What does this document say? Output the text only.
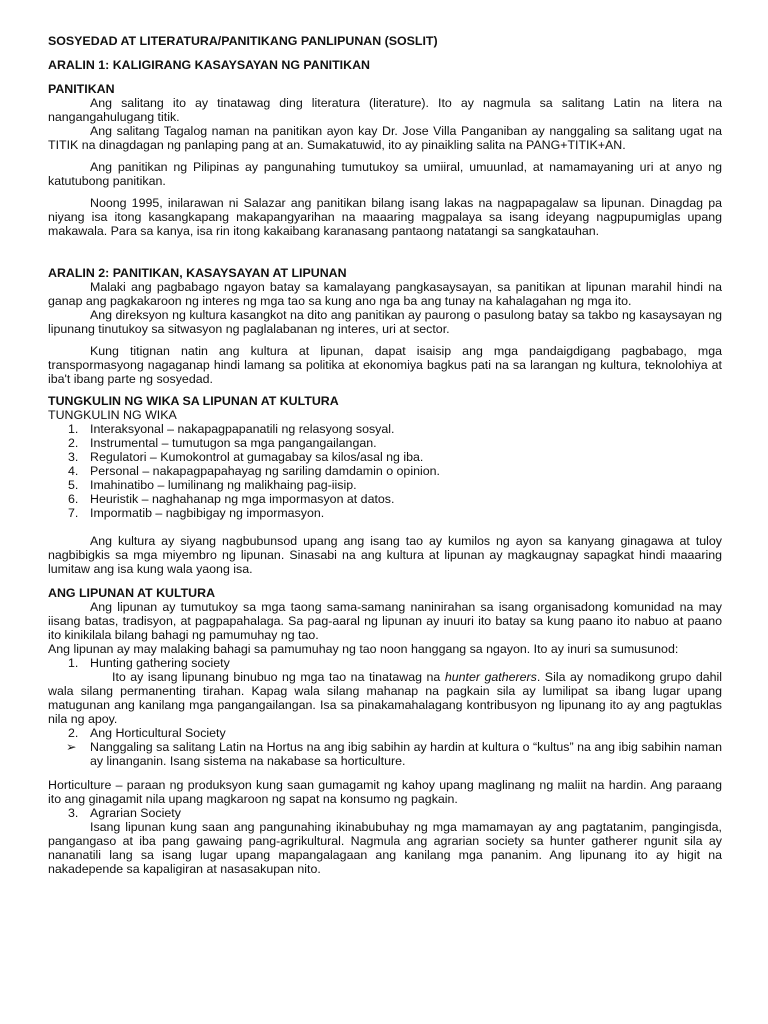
SOSYEDAD AT LITERATURA/PANITIKANG PANLIPUNAN (SOSLIT)

ARALIN 1: KALIGIRANG KASAYSAYAN NG PANITIKAN

PANITIKAN

Ang salitang ito ay tinatawag ding literatura (literature). Ito ay nagmula sa salitang Latin na litera na nangangahulugang titik.

Ang salitang Tagalog naman na panitikan ayon kay Dr. Jose Villa Panganiban ay nanggaling sa salitang ugat na TITIK na dinagdagan ng panlaping pang at an. Sumakatuwid, ito ay pinaikling salita na PANG+TITIK+AN.

Ang panitikan ng Pilipinas ay pangunahing tumutukoy sa umiiral, umuunlad, at namamayaning uri at anyo ng katutubong panitikan.

Noong 1995, inilarawan ni Salazar ang panitikan bilang isang lakas na nagpapagalaw sa lipunan. Dinagdag pa niyang isa itong kasangkapang makapangyarihan na maaaring magpalaya sa isang ideyang nagpupumiglas upang makawala. Para sa kanya, isa rin itong kakaibang karanasang pantaong natatangi sa sangkatauhan.

ARALIN 2: PANITIKAN, KASAYSAYAN AT LIPUNAN

Malaki ang pagbabago ngayon batay sa kamalayang pangkasaysayan, sa panitikan at lipunan marahil hindi na ganap ang pagkakaroon ng interes ng mga tao sa kung ano nga ba ang tunay na kahalagahan ng mga ito.

Ang direksyon ng kultura kasangkot na dito ang panitikan ay paurong o pasulong batay sa takbo ng kasaysayan ng lipunang tinutukoy sa sitwasyon ng paglalabanan ng interes, uri at sector.

Kung titignan natin ang kultura at lipunan, dapat isaisip ang mga pandaigdigang pagbabago, mga transpormasyong nagaganap hindi lamang sa politika at ekonomiya bagkus pati na sa larangan ng kultura, teknolohiya at iba't ibang parte ng sosyedad.

TUNGKULIN NG WIKA SA LIPUNAN AT KULTURA

TUNGKULIN NG WIKA

1. Interaksyonal – nakapagpapanatili ng relasyong sosyal.
2. Instrumental – tumutugon sa mga pangangailangan.
3. Regulatori – Kumokontrol at gumagabay sa kilos/asal ng iba.
4. Personal – nakapagpapahayag ng sariling damdamin o opinion.
5. Imahinatibo – lumilinang ng malikhaing pag-iisip.
6. Heuristik – naghahanap ng mga impormasyon at datos.
7. Impormatib – nagbibigay ng impormasyon.

Ang kultura ay siyang nagbubunsod upang ang isang tao ay kumilos ng ayon sa kanyang ginagawa at tuloy nagbibigkis sa mga miyembro ng lipunan. Sinasabi na ang kultura at lipunan ay magkaugnay sapagkat hindi maaaring lumitaw ang isa kung wala yaong isa.

ANG LIPUNAN AT KULTURA

Ang lipunan ay tumutukoy sa mga taong sama-samang naninirahan sa isang organisadong komunidad na may iisang batas, tradisyon, at pagpapahalaga. Sa pag-aaral ng lipunan ay inuuri ito batay sa kung paano ito nabuo at paano ito kinikilala bilang bahagi ng pamumuhay ng tao.

Ang lipunan ay may malaking bahagi sa pamumuhay ng tao noon hanggang sa ngayon. Ito ay inuri sa sumusunod:

1. Hunting gathering society

Ito ay isang lipunang binubuo ng mga tao na tinatawag na hunter gatherers. Sila ay nomadikong grupo dahil wala silang permanenting tirahan. Kapag wala silang mahanap na pagkain sila ay lumilipat sa ibang lugar upang matugunan ang kanilang mga pangangailangan. Isa sa pinakamahalagang kontribusyon ng lipunang ito ay ang pagtuklas nila ng apoy.

2. Ang Horticultural Society

➢ Nanggaling sa salitang Latin na Hortus na ang ibig sabihin ay hardin at kultura o “kultus” na ang ibig sabihin naman ay linanganin. Isang sistema na nakabase sa horticulture.

Horticulture – paraan ng produksyon kung saan gumagamit ng kahoy upang maglinang ng maliit na hardin. Ang paraang ito ang ginagamit nila upang magkaroon ng sapat na konsumo ng pagkain.

3. Agrarian Society

Isang lipunan kung saan ang pangunahing ikinabubuhay ng mga mamamayan ay ang pagtatanim, pangingisda, pangangaso at iba pang gawaing pang-agrikultural. Nagmula ang agrarian society sa hunter gatherer ngunit sila ay nananatili lang sa isang lugar upang mapangalagaan ang kanilang mga pananim. Ang lipunang ito ay higit na nakadepende sa kapaligiran at nasasakupan nito.
